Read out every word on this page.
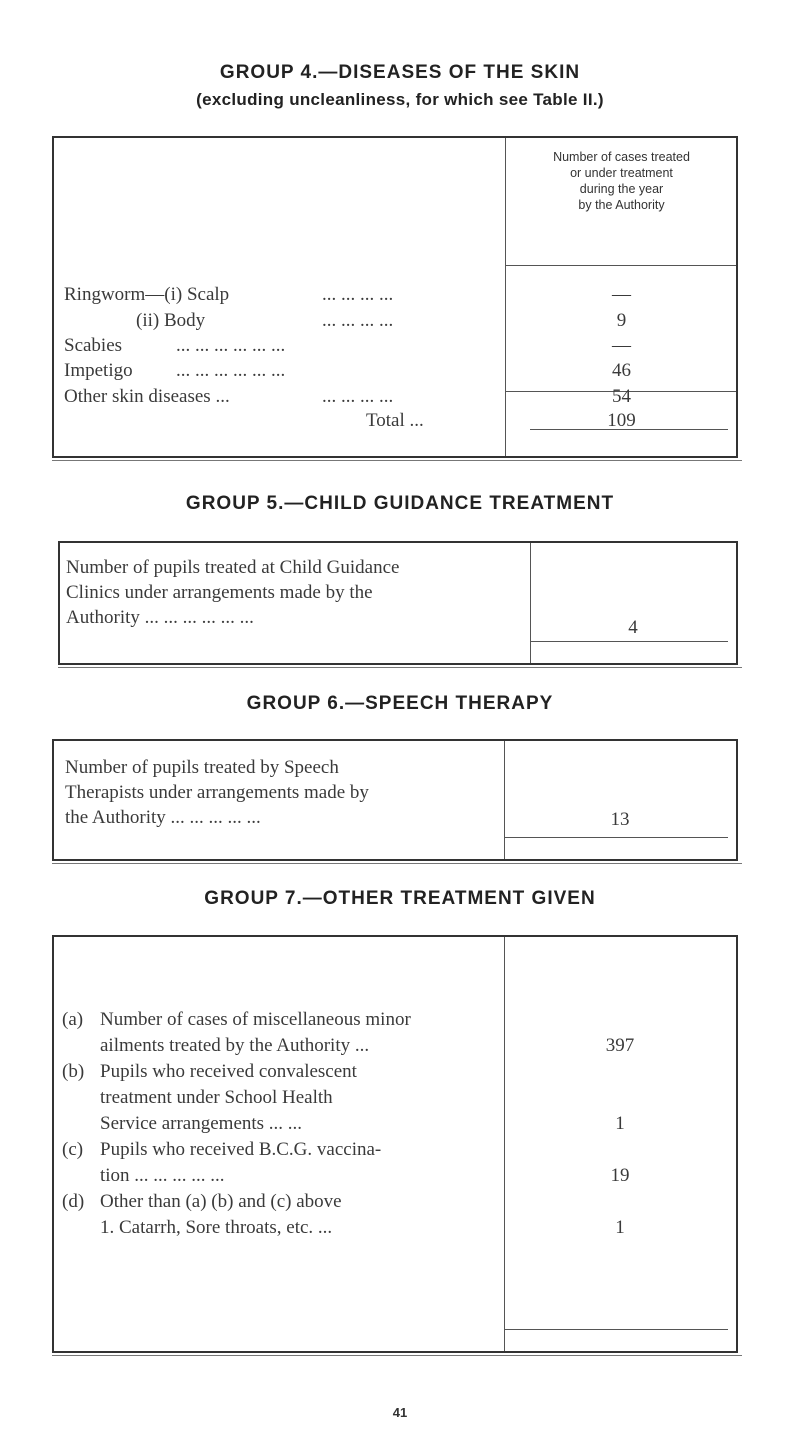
GROUP 4.—DISEASES OF THE SKIN
(excluding uncleanliness, for which see Table II.)
Number of cases treated
or under treatment
during the year
by the Authority
Ringworm—(i) Scalp	... ... ... ...	—
(ii) Body	... ... ... ...	9
Scabies	... ... ... ... ... ...	—
Impetigo ... ... ... ... ... ...	46
Other skin diseases ...	... ... ... ...	54
Total ...	109
GROUP 5.—CHILD GUIDANCE TREATMENT
Number of pupils treated at Child Guidance
Clinics under arrangements made by the
Authority ... ... ... ... ... ...	4
GROUP 6.—SPEECH THERAPY
Number of pupils treated by Speech
Therapists under arrangements made by
the Authority ... ... ... ... ...	13
GROUP 7.—OTHER TREATMENT GIVEN
(a) Number of cases of miscellaneous minor
ailments treated by the Authority ...	397
(b) Pupils who received convalescent
treatment under School Health
Service arrangements ... ...	1
(c) Pupils who received B.C.G. vaccina-
tion ... ... ... ... ...	19
(d) Other than (a) (b) and (c) above
1. Catarrh, Sore throats, etc. ...	1
41
